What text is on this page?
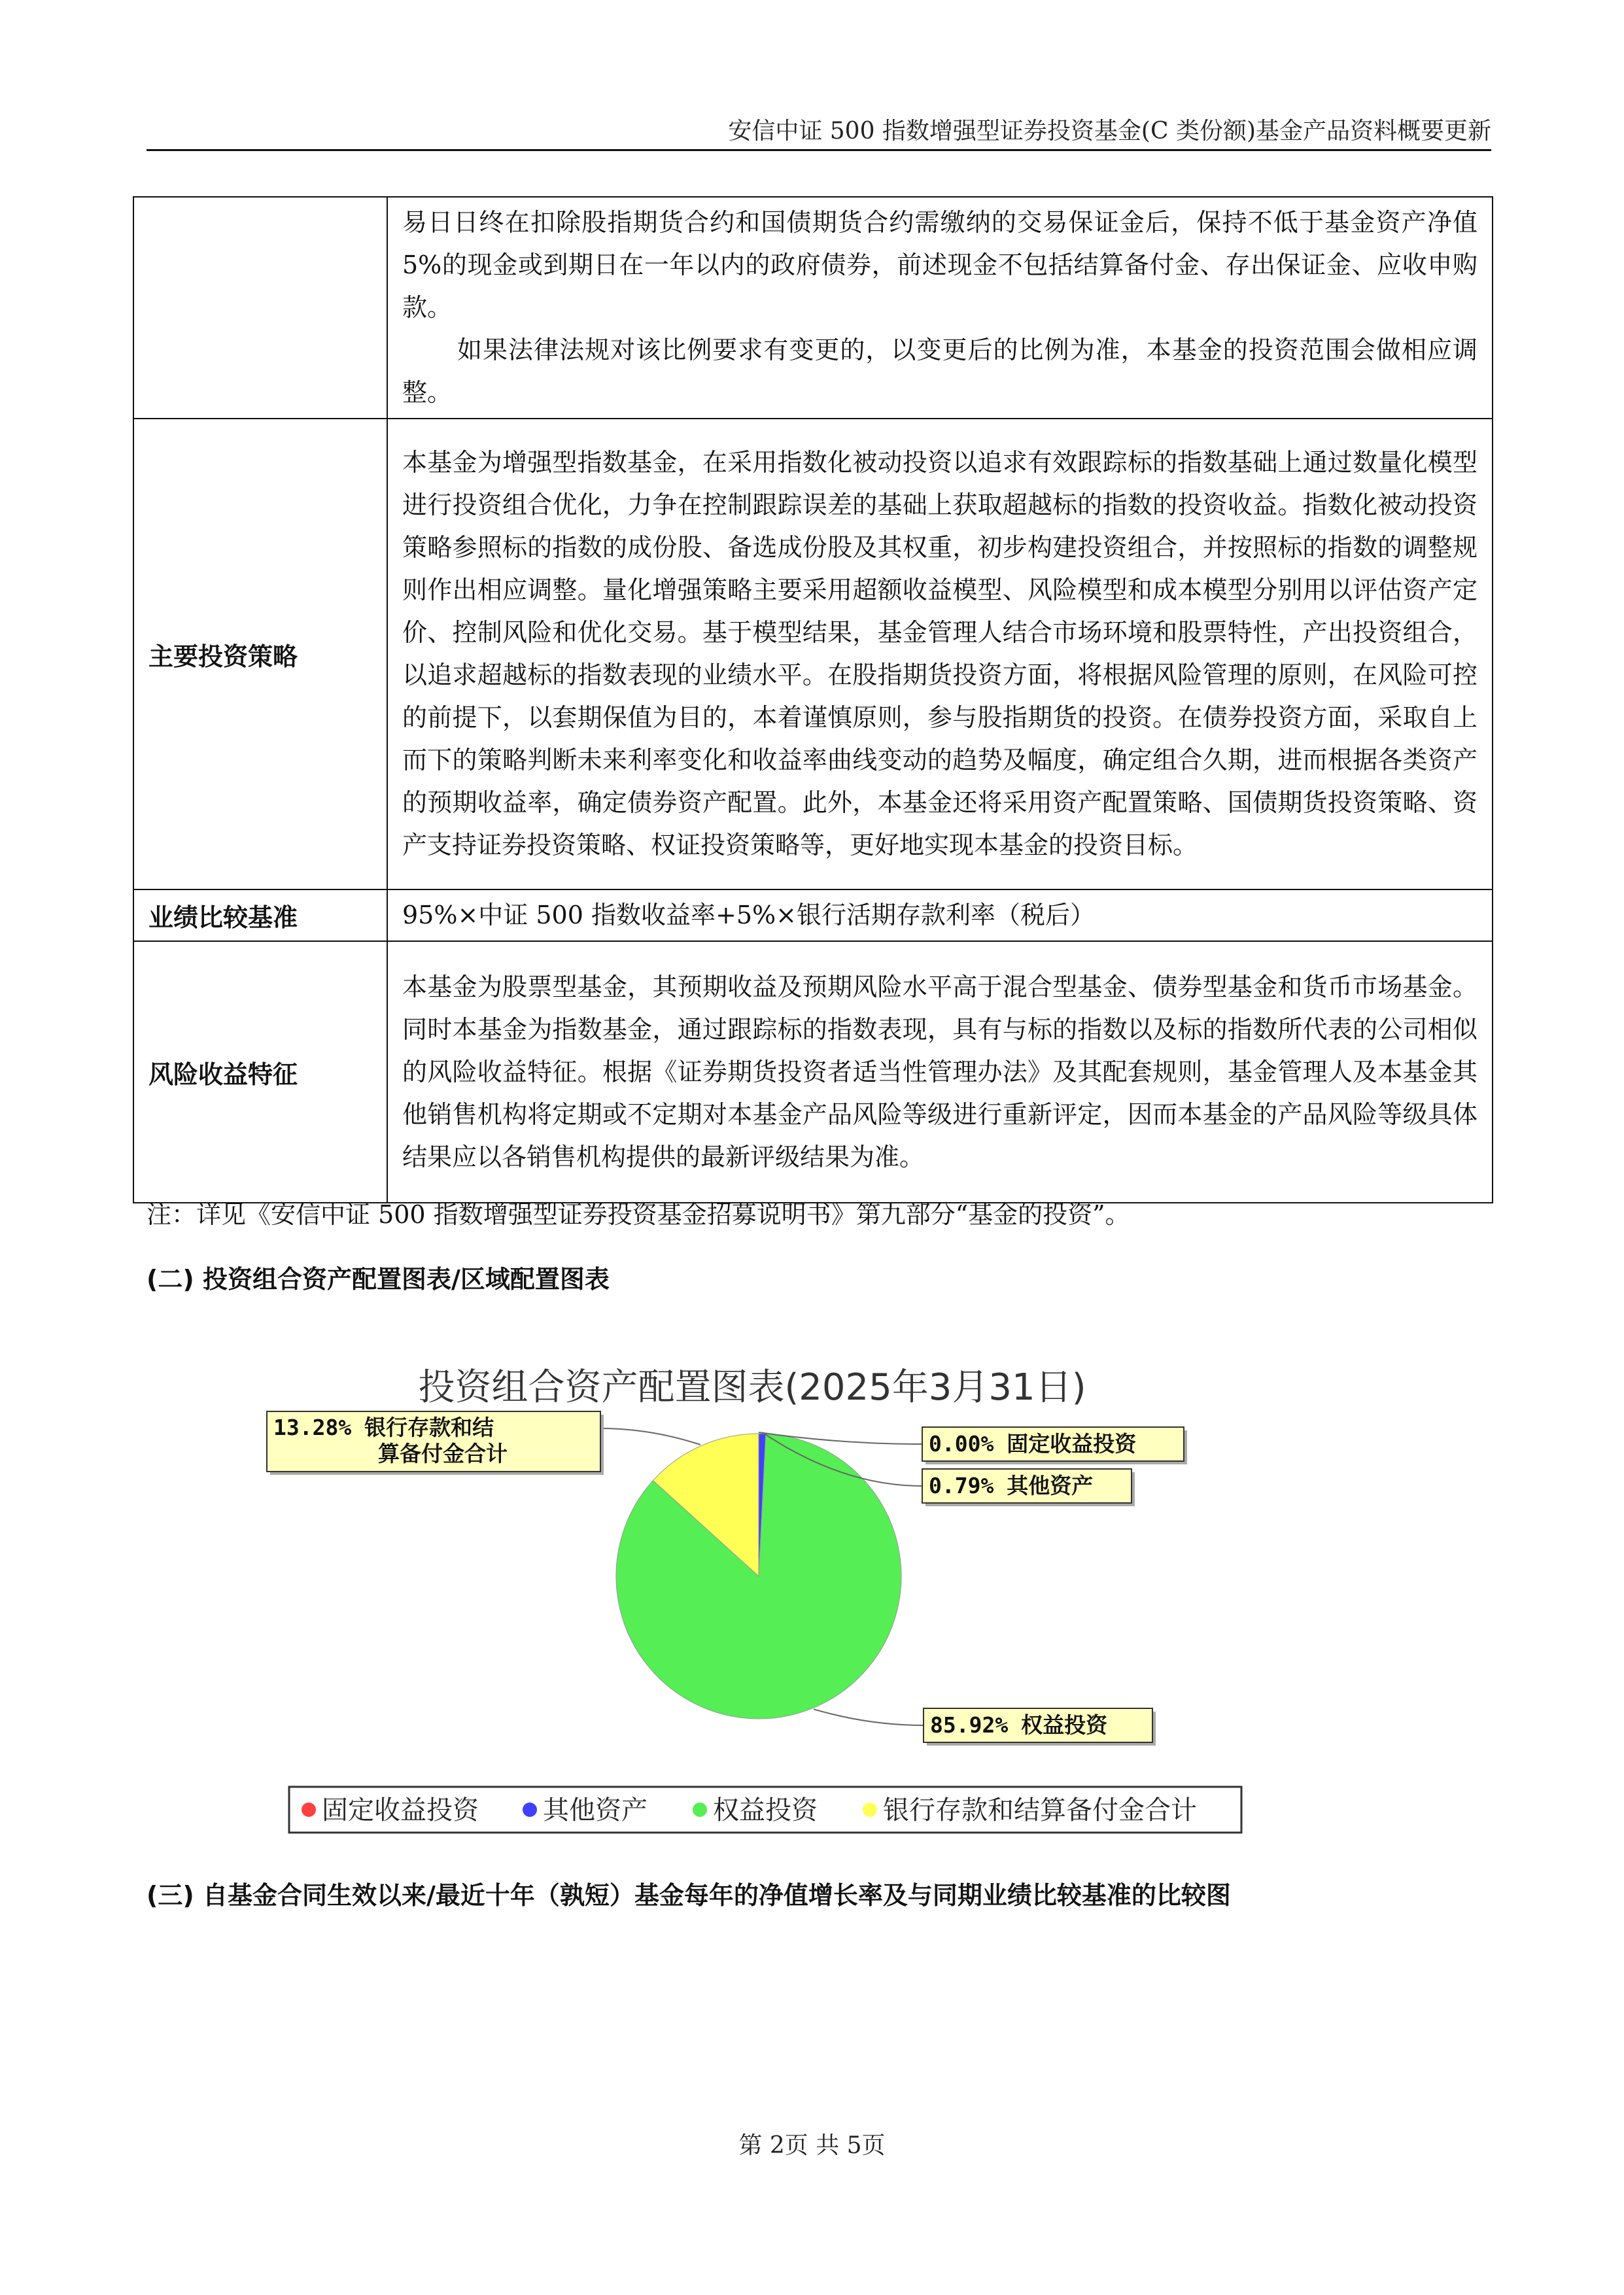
安信中证 500 指数增强型证券投资基金(C 类份额)基金产品资料概要更新

	易日日终在扣除股指期货合约和国债期货合约需缴纳的交易保证金后，保持不低于基金资产净值 5%的现金或到期日在一年以内的政府债券，前述现金不包括结算备付金、存出保证金、应收申购款。
如果法律法规对该比例要求有变更的，以变更后的比例为准，本基金的投资范围会做相应调整。

主要投资策略	本基金为增强型指数基金，在采用指数化被动投资以追求有效跟踪标的指数基础上通过数量化模型进行投资组合优化，力争在控制跟踪误差的基础上获取超越标的指数的投资收益。指数化被动投资策略参照标的指数的成份股、备选成份股及其权重，初步构建投资组合，并按照标的指数的调整规则作出相应调整。量化增强策略主要采用超额收益模型、风险模型和成本模型分别用以评估资产定价、控制风险和优化交易。基于模型结果，基金管理人结合市场环境和股票特性，产出投资组合，以追求超越标的指数表现的业绩水平。在股指期货投资方面，将根据风险管理的原则，在风险可控的前提下，以套期保值为目的，本着谨慎原则，参与股指期货的投资。在债券投资方面，采取自上而下的策略判断未来利率变化和收益率曲线变动的趋势及幅度，确定组合久期，进而根据各类资产的预期收益率，确定债券资产配置。此外，本基金还将采用资产配置策略、国债期货投资策略、资产支持证券投资策略、权证投资策略等，更好地实现本基金的投资目标。
业绩比较基准	95%×中证 500 指数收益率+5%×银行活期存款利率（税后）
风险收益特征	本基金为股票型基金，其预期收益及预期风险水平高于混合型基金、债券型基金和货币市场基金。同时本基金为指数基金，通过跟踪标的指数表现，具有与标的指数以及标的指数所代表的公司相似的风险收益特征。根据《证券期货投资者适当性管理办法》及其配套规则，基金管理人及本基金其他销售机构将定期或不定期对本基金产品风险等级进行重新评定，因而本基金的产品风险等级具体结果应以各销售机构提供的最新评级结果为准。
注：详见《安信中证 500 指数增强型证券投资基金招募说明书》第九部分“基金的投资”。
(二) 投资组合资产配置图表/区域配置图表
投资组合资产配置图表(2025年3月31日)
0.00% 固定收益投资
0.79% 其他资产
85.92% 权益投资
13.28% 银行存款和结
算备付金合计
固定收益投资 其他资产	权益投资	银行存款和结算备付金合计
(三) 自基金合同生效以来/最近十年（孰短）基金每年的净值增长率及与同期业绩比较基准的比较图
第 2页 共 5页
